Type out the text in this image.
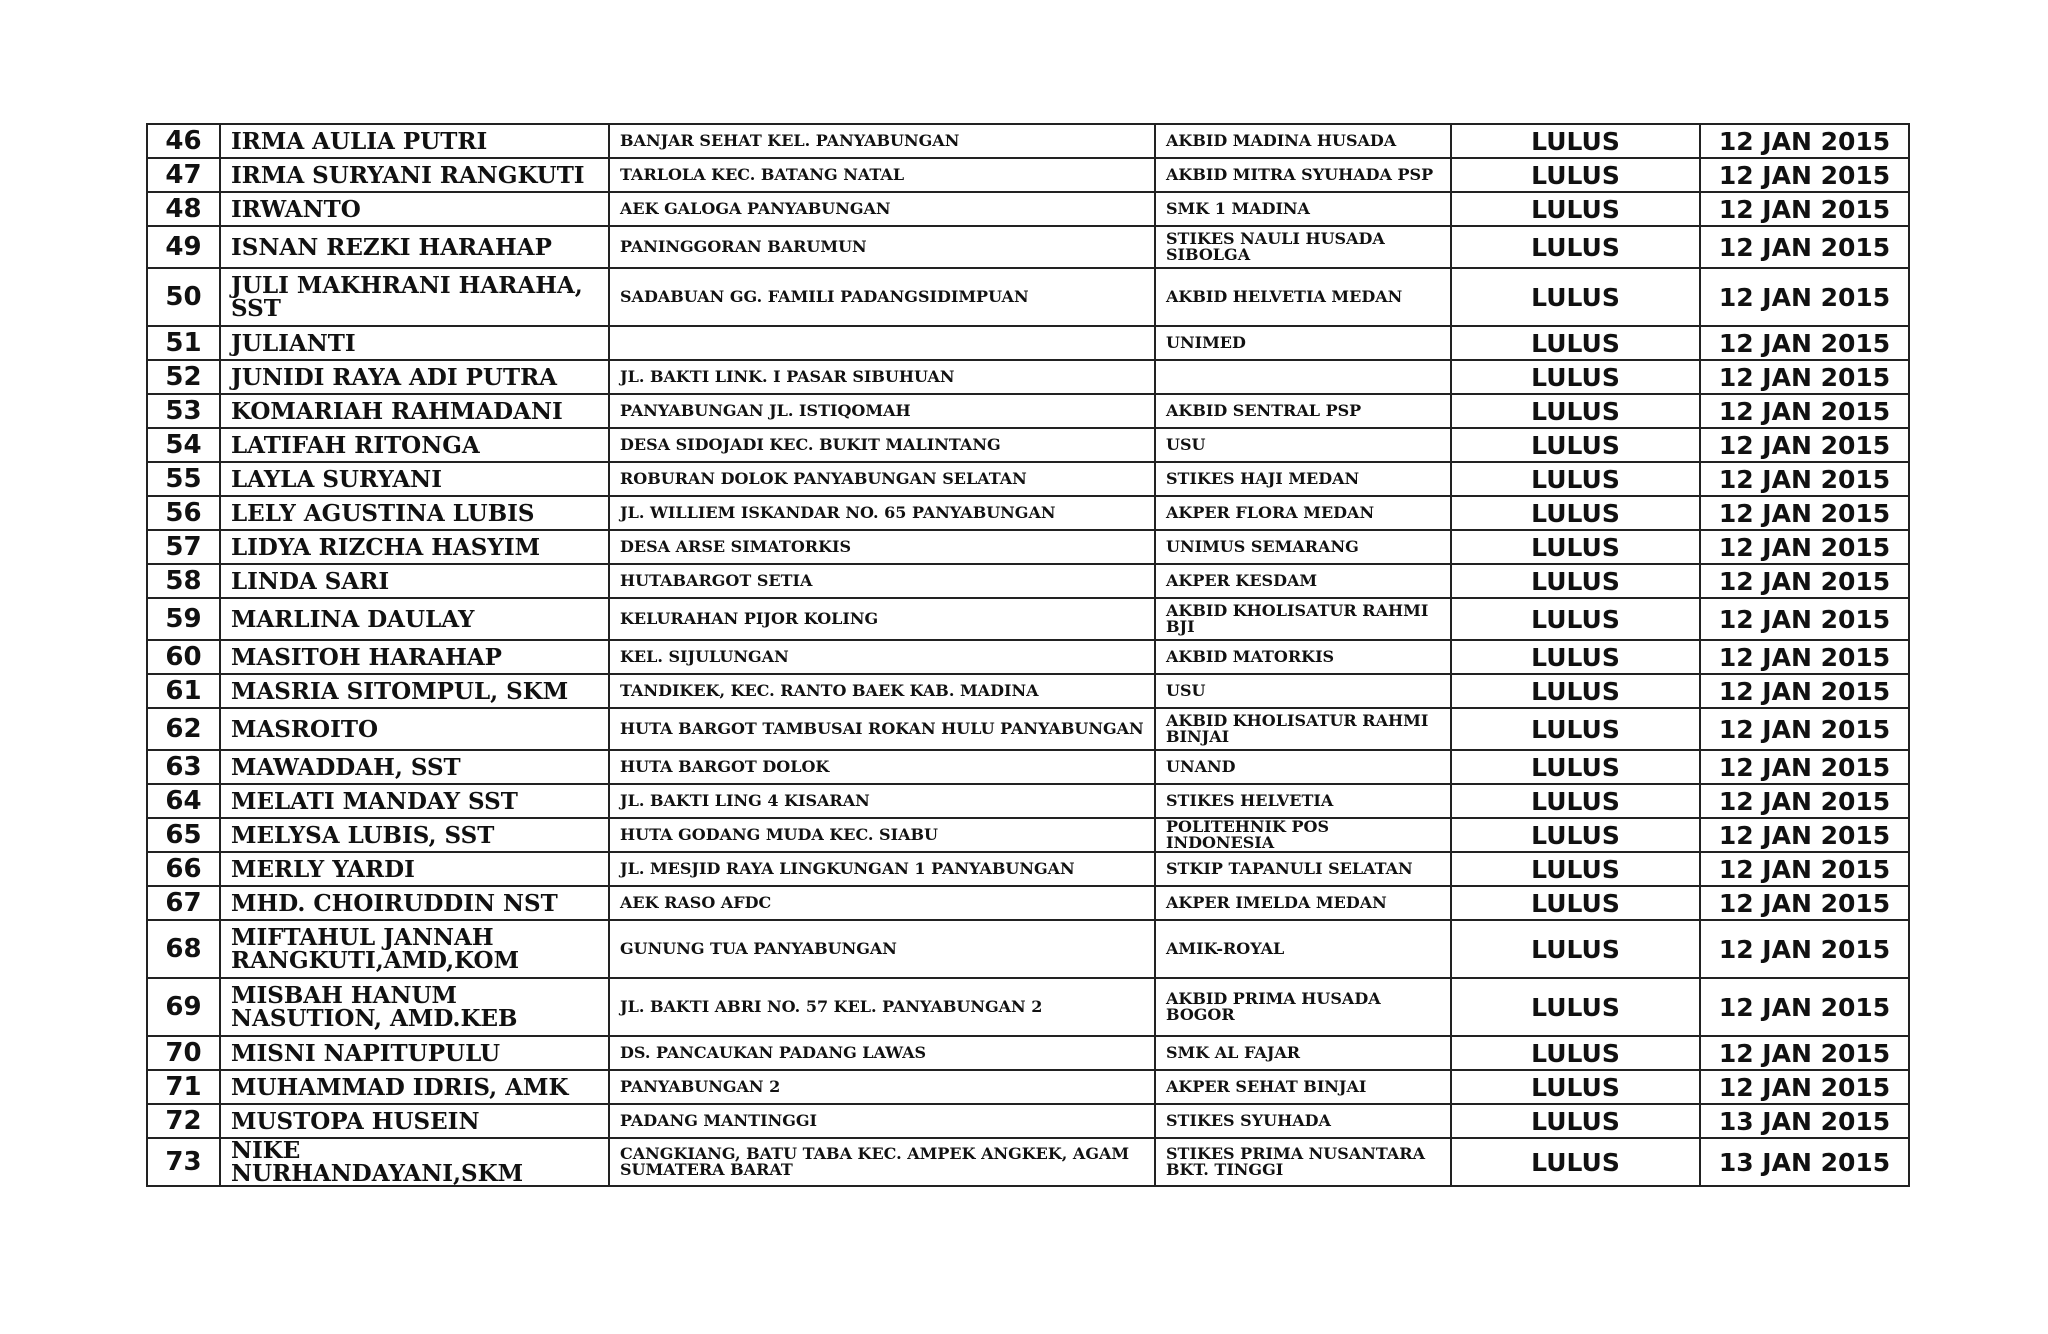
46	IRMA AULIA PUTRI	BANJAR SEHAT KEL. PANYABUNGAN	AKBID MADINA HUSADA	LULUS	12 JAN 2015
47	IRMA SURYANI RANGKUTI	TARLOLA KEC. BATANG NATAL	AKBID MITRA SYUHADA PSP	LULUS	12 JAN 2015
48	IRWANTO	AEK GALOGA PANYABUNGAN	SMK 1 MADINA	LULUS	12 JAN 2015
49	ISNAN REZKI HARAHAP	PANINGGORAN BARUMUN	STIKES NAULI HUSADA SIBOLGA	LULUS	12 JAN 2015
50	JULI MAKHRANI HARAHA, SST	SADABUAN GG. FAMILI PADANGSIDIMPUAN	AKBID HELVETIA MEDAN	LULUS	12 JAN 2015
51	JULIANTI		UNIMED	LULUS	12 JAN 2015
52	JUNIDI RAYA ADI PUTRA	JL. BAKTI LINK. I PASAR SIBUHUAN		LULUS	12 JAN 2015
53	KOMARIAH RAHMADANI	PANYABUNGAN JL. ISTIQOMAH	AKBID SENTRAL PSP	LULUS	12 JAN 2015
54	LATIFAH RITONGA	DESA SIDOJADI KEC. BUKIT MALINTANG	USU	LULUS	12 JAN 2015
55	LAYLA SURYANI	ROBURAN DOLOK PANYABUNGAN SELATAN	STIKES HAJI MEDAN	LULUS	12 JAN 2015
56	LELY AGUSTINA LUBIS	JL. WILLIEM ISKANDAR NO. 65 PANYABUNGAN	AKPER FLORA MEDAN	LULUS	12 JAN 2015
57	LIDYA RIZCHA HASYIM	DESA ARSE SIMATORKIS	UNIMUS SEMARANG	LULUS	12 JAN 2015
58	LINDA SARI	HUTABARGOT SETIA	AKPER KESDAM	LULUS	12 JAN 2015
59	MARLINA DAULAY	KELURAHAN PIJOR KOLING	AKBID KHOLISATUR RAHMI BJI	LULUS	12 JAN 2015
60	MASITOH HARAHAP	KEL. SIJULUNGAN	AKBID MATORKIS	LULUS	12 JAN 2015
61	MASRIA SITOMPUL, SKM	TANDIKEK, KEC. RANTO BAEK KAB. MADINA	USU	LULUS	12 JAN 2015
62	MASROITO	HUTA BARGOT TAMBUSAI ROKAN HULU PANYABUNGAN	AKBID KHOLISATUR RAHMI BINJAI	LULUS	12 JAN 2015
63	MAWADDAH, SST	HUTA BARGOT DOLOK	UNAND	LULUS	12 JAN 2015
64	MELATI MANDAY SST	JL. BAKTI LING 4 KISARAN	STIKES HELVETIA	LULUS	12 JAN 2015
65	MELYSA LUBIS, SST	HUTA GODANG MUDA KEC. SIABU	POLITEHNIK POS INDONESIA	LULUS	12 JAN 2015
66	MERLY YARDI	JL. MESJID RAYA LINGKUNGAN 1 PANYABUNGAN	STKIP TAPANULI SELATAN	LULUS	12 JAN 2015
67	MHD. CHOIRUDDIN NST	AEK RASO AFDC	AKPER IMELDA MEDAN	LULUS	12 JAN 2015
68	MIFTAHUL JANNAH RANGKUTI,AMD,KOM	GUNUNG TUA PANYABUNGAN	AMIK-ROYAL	LULUS	12 JAN 2015
69	MISBAH HANUM NASUTION, AMD.KEB	JL. BAKTI ABRI NO. 57 KEL. PANYABUNGAN 2	AKBID PRIMA HUSADA BOGOR	LULUS	12 JAN 2015
70	MISNI NAPITUPULU	DS. PANCAUKAN PADANG LAWAS	SMK AL FAJAR	LULUS	12 JAN 2015
71	MUHAMMAD IDRIS, AMK	PANYABUNGAN 2	AKPER SEHAT BINJAI	LULUS	12 JAN 2015
72	MUSTOPA HUSEIN	PADANG MANTINGGI	STIKES SYUHADA	LULUS	13 JAN 2015
73	NIKE NURHANDAYANI,SKM	CANGKIANG, BATU TABA KEC. AMPEK ANGKEK, AGAM SUMATERA BARAT	STIKES PRIMA NUSANTARA BKT. TINGGI	LULUS	13 JAN 2015
